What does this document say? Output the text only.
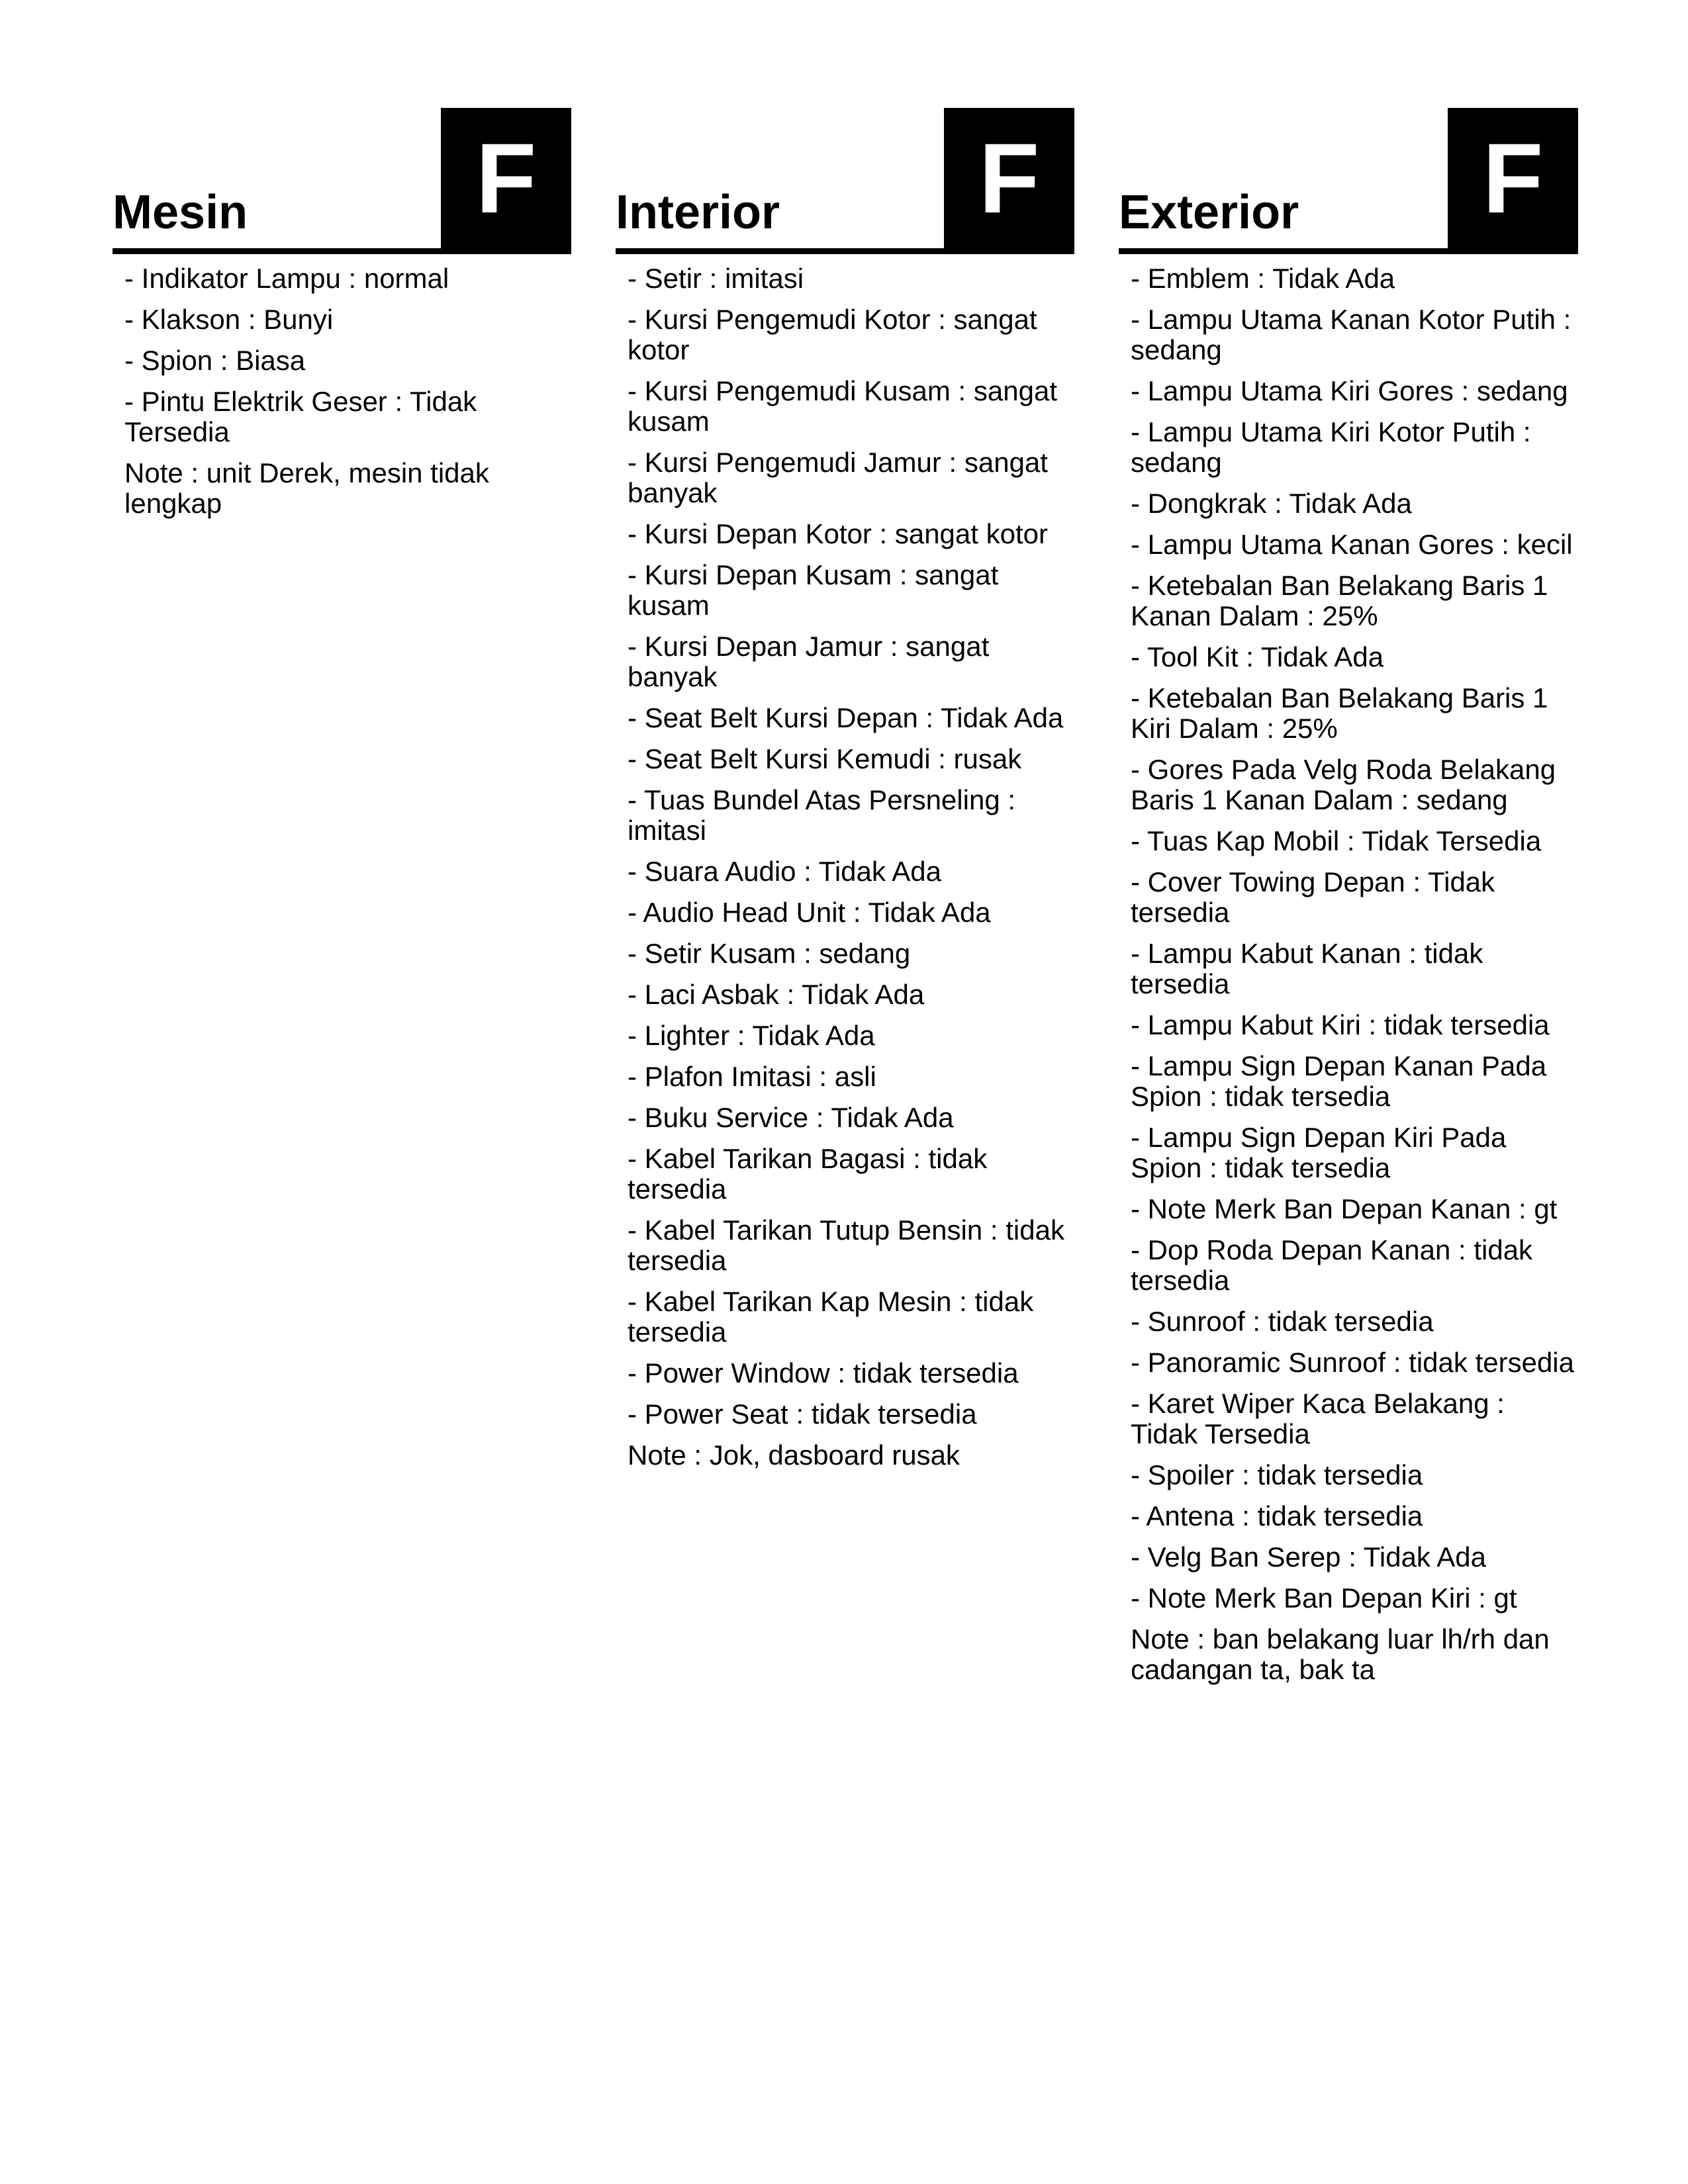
Mesin	F
- Indikator Lampu : normal
- Klakson : Bunyi
- Spion : Biasa
- Pintu Elektrik Geser : Tidak Tersedia
Note : unit Derek, mesin tidak lengkap
Interior	F
- Setir : imitasi
- Kursi Pengemudi Kotor : sangat kotor
- Kursi Pengemudi Kusam : sangat kusam
- Kursi Pengemudi Jamur : sangat banyak
- Kursi Depan Kotor : sangat kotor
- Kursi Depan Kusam : sangat kusam
- Kursi Depan Jamur : sangat banyak
- Seat Belt Kursi Depan : Tidak Ada
- Seat Belt Kursi Kemudi : rusak
- Tuas Bundel Atas Persneling : imitasi
- Suara Audio : Tidak Ada
- Audio Head Unit : Tidak Ada
- Setir Kusam : sedang
- Laci Asbak : Tidak Ada
- Lighter : Tidak Ada
- Plafon Imitasi : asli
- Buku Service : Tidak Ada
- Kabel Tarikan Bagasi : tidak tersedia
- Kabel Tarikan Tutup Bensin : tidak tersedia
- Kabel Tarikan Kap Mesin : tidak tersedia
- Power Window : tidak tersedia
- Power Seat : tidak tersedia
Note : Jok, dasboard rusak
Exterior	F
- Emblem : Tidak Ada
- Lampu Utama Kanan Kotor Putih : sedang
- Lampu Utama Kiri Gores : sedang
- Lampu Utama Kiri Kotor Putih : sedang
- Dongkrak : Tidak Ada
- Lampu Utama Kanan Gores : kecil
- Ketebalan Ban Belakang Baris 1 Kanan Dalam : 25%
- Tool Kit : Tidak Ada
- Ketebalan Ban Belakang Baris 1 Kiri Dalam : 25%
- Gores Pada Velg Roda Belakang Baris 1 Kanan Dalam : sedang
- Tuas Kap Mobil : Tidak Tersedia
- Cover Towing Depan : Tidak tersedia
- Lampu Kabut Kanan : tidak tersedia
- Lampu Kabut Kiri : tidak tersedia
- Lampu Sign Depan Kanan Pada Spion : tidak tersedia
- Lampu Sign Depan Kiri Pada Spion : tidak tersedia
- Note Merk Ban Depan Kanan : gt
- Dop Roda Depan Kanan : tidak tersedia
- Sunroof : tidak tersedia
- Panoramic Sunroof : tidak tersedia
- Karet Wiper Kaca Belakang : Tidak Tersedia
- Spoiler : tidak tersedia
- Antena : tidak tersedia
- Velg Ban Serep : Tidak Ada
- Note Merk Ban Depan Kiri : gt
Note : ban belakang luar lh/rh dan cadangan ta, bak ta
